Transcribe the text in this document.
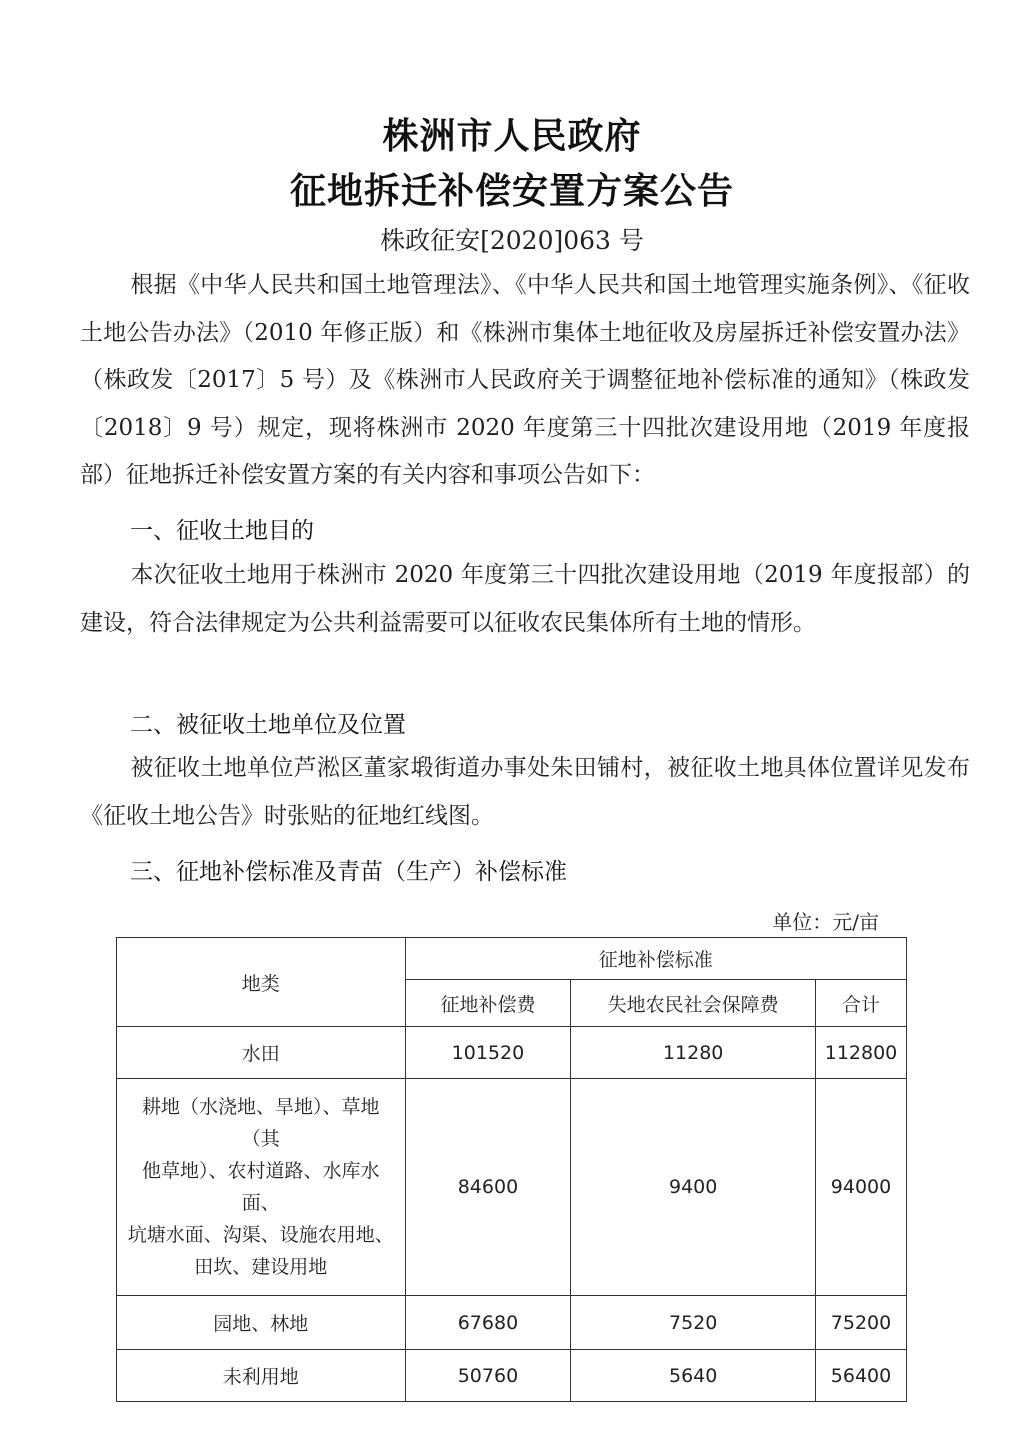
株洲市人民政府
征地拆迁补偿安置方案公告
株政征安[2020]063 号

根据《中华人民共和国土地管理法》、《中华人民共和国土地管理实施条例》、《征收土地公告办法》（2010 年修正版）和《株洲市集体土地征收及房屋拆迁补偿安置办法》（株政发〔2017〕5 号）及《株洲市人民政府关于调整征地补偿标准的通知》（株政发〔2018〕9 号）规定，现将株洲市 2020 年度第三十四批次建设用地（2019 年度报部）征地拆迁补偿安置方案的有关内容和事项公告如下：

一、征收土地目的

本次征收土地用于株洲市 2020 年度第三十四批次建设用地（2019 年度报部）的建设，符合法律规定为公共利益需要可以征收农民集体所有土地的情形。

二、被征收土地单位及位置

被征收土地单位芦淞区董家塅街道办事处朱田铺村，被征收土地具体位置详见发布《征收土地公告》时张贴的征地红线图。

三、征地补偿标准及青苗（生产）补偿标准
单位：元/亩
地类	征地补偿标准		
	征地补偿费	失地农民社会保障费	合计
水田	101520	11280	112800

耕地（水浇地、旱地）、草地（其
他草地）、农村道路、水库水面、
坑塘水面、沟渠、设施农用地、
田坎、建设用地	84600	9400	94000
园地、林地	67680	7520	75200
未利用地	50760	5640	56400
